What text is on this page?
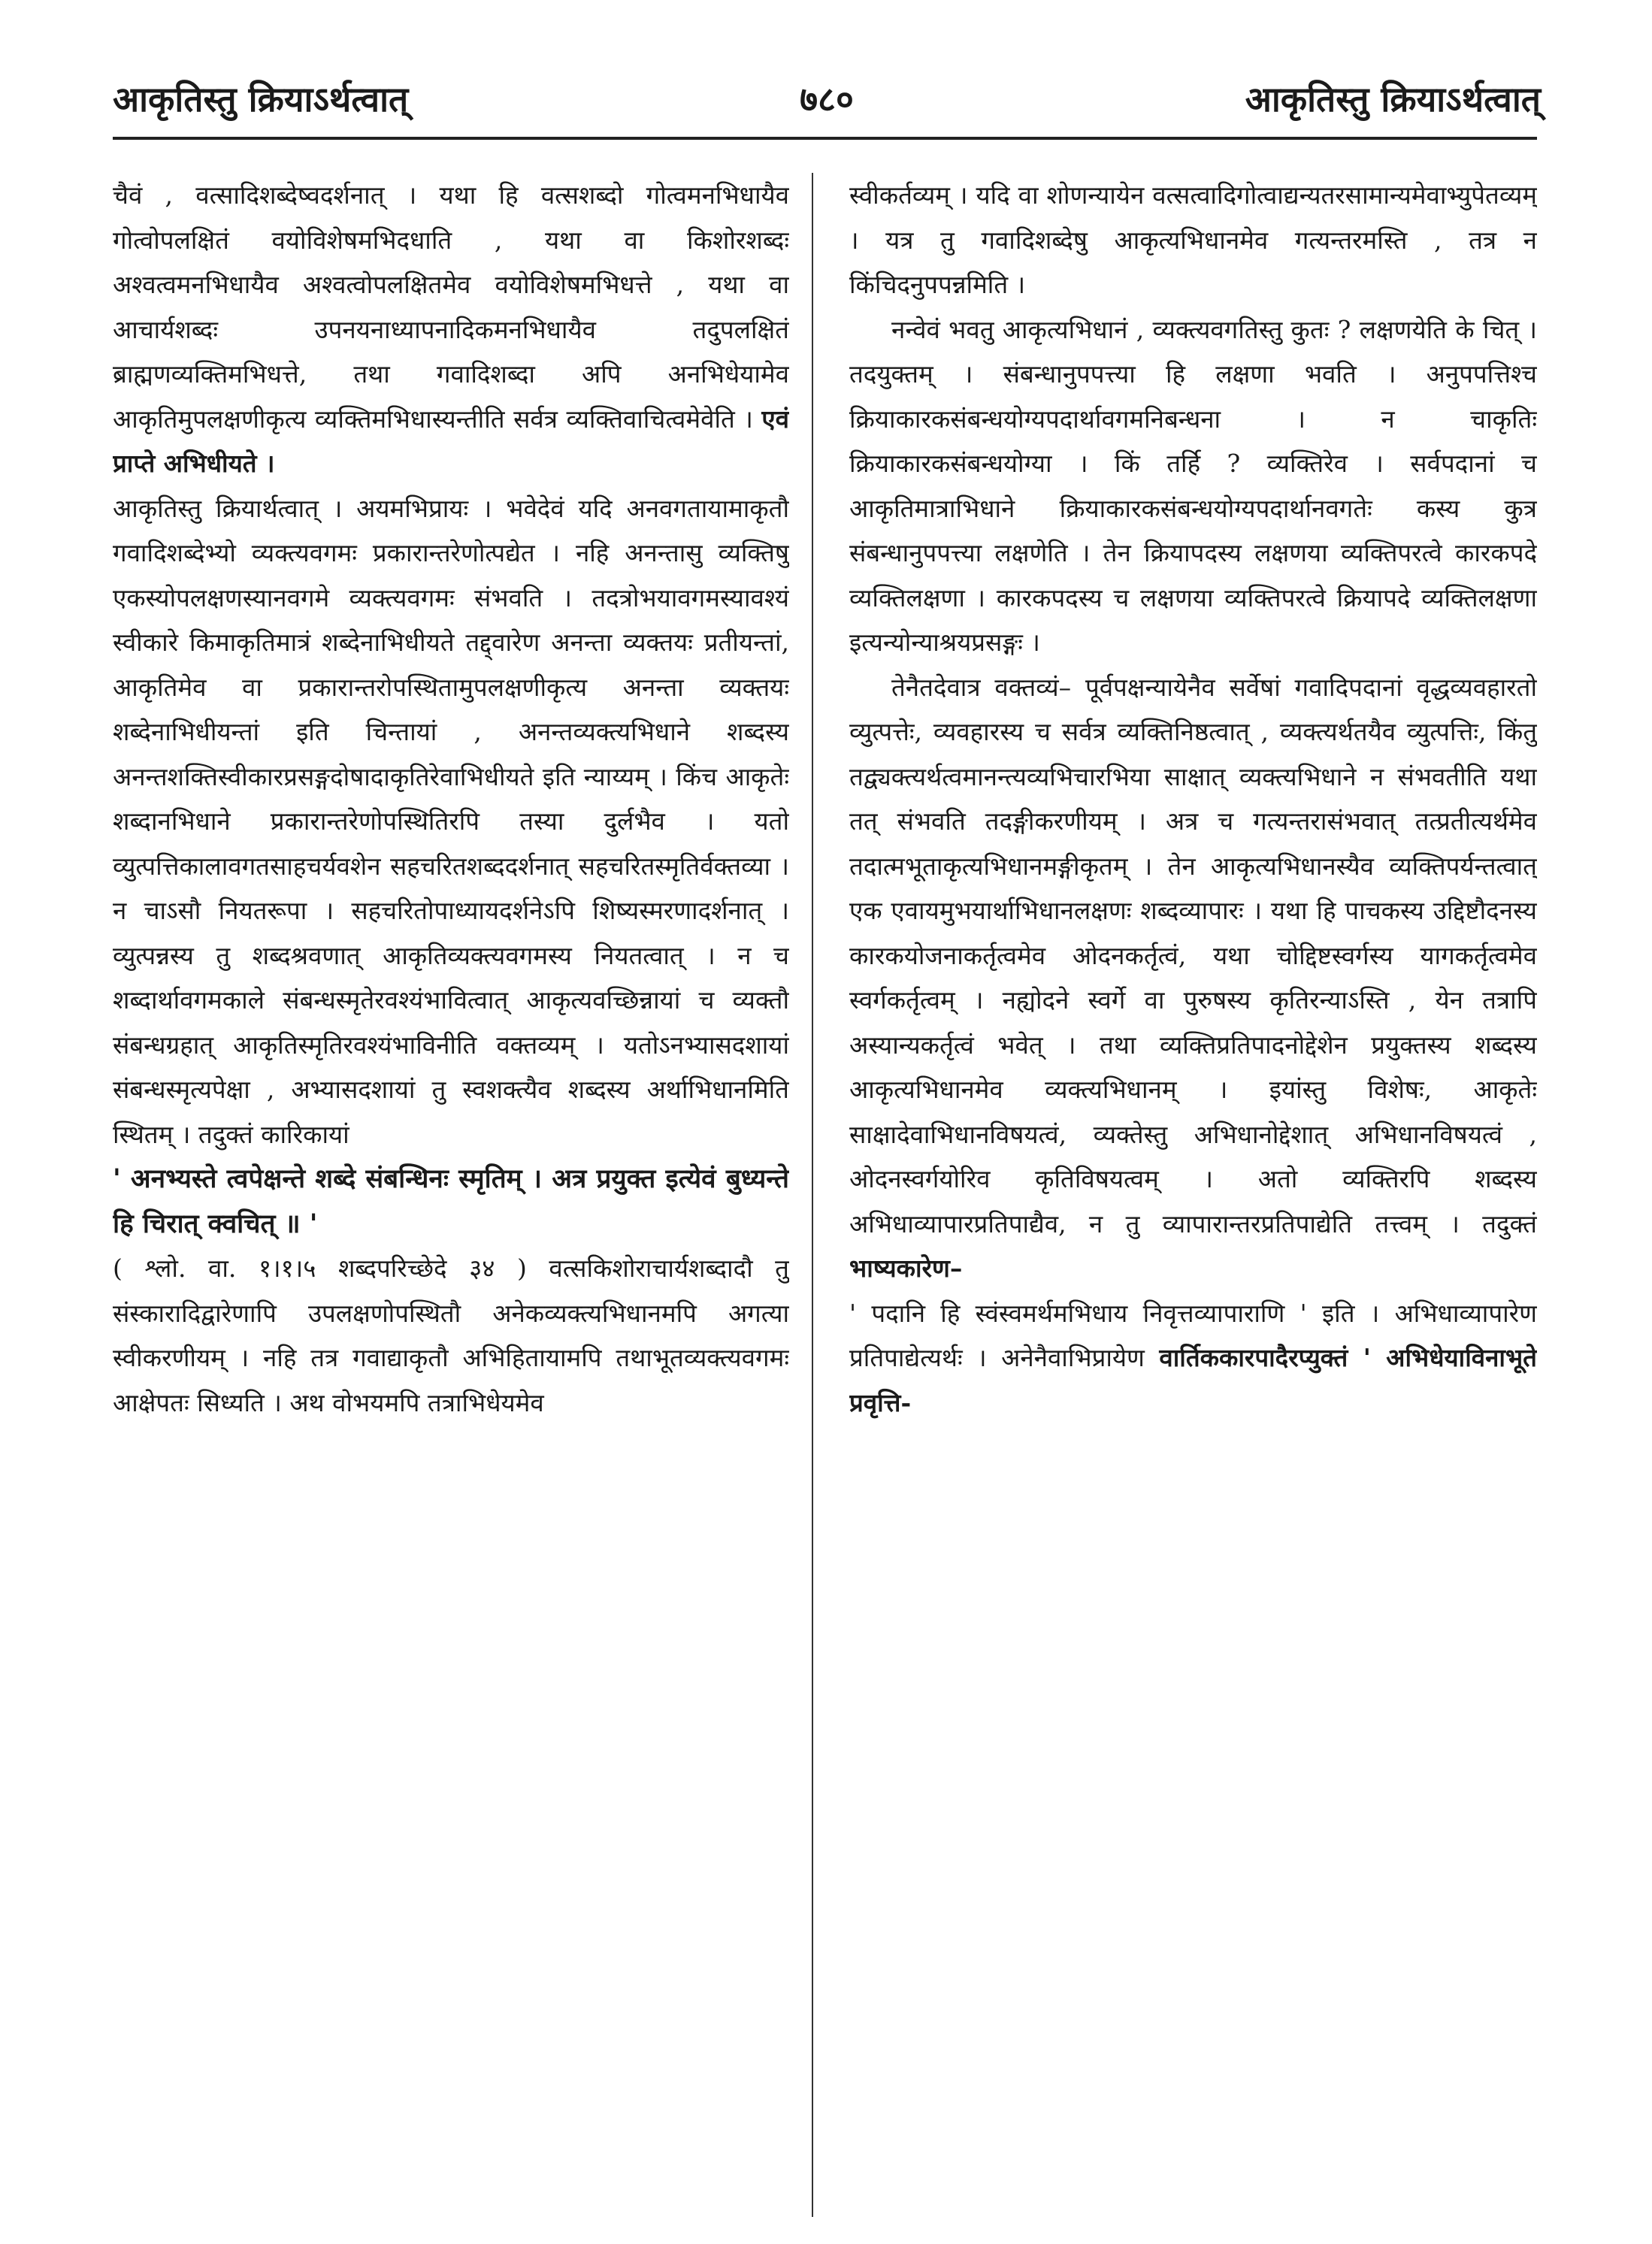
७८०
आकृतिस्तु क्रियाऽर्थत्वात्	आकृतिस्तु क्रियाऽर्थत्वात्

चैवं , वत्सादिशब्देष्वदर्शनात् । यथा हि वत्सशब्दो गोत्वमनभिधायैव गोत्वोपलक्षितं वयोविशेषमभिदधाति , यथा वा किशोरशब्दः अश्वत्वमनभिधायैव अश्वत्वोपलक्षितमेव वयोविशेषमभिधत्ते , यथा वा आचार्यशब्दः उपनयनाध्यापनादिकमनभिधायैव तदुपलक्षितं ब्राह्मणव्यक्तिमभिधत्ते, तथा गवादिशब्दा अपि अनभिधेयामेव आकृतिमुपलक्षणीकृत्य व्यक्तिमभिधास्यन्तीति सर्वत्र व्यक्तिवाचित्वमेवेति । एवं प्राप्ते अभिधीयते ।

आकृतिस्तु क्रियार्थत्वात् । अयमभिप्रायः । भवेदेवं यदि अनवगतायामाकृतौ गवादिशब्देभ्यो व्यक्त्यवगमः प्रकारान्तरेणोत्पद्येत । नहि अनन्तासु व्यक्तिषु एकस्योपलक्षणस्यानवगमे व्यक्त्यवगमः संभवति । तदत्रोभयावगमस्यावश्यं स्वीकारे किमाकृतिमात्रं शब्देनाभिधीयते तद्द्वारेण अनन्ता व्यक्तयः प्रतीयन्तां, आकृतिमेव वा प्रकारान्तरोपस्थितामुपलक्षणीकृत्य अनन्ता व्यक्तयः शब्देनाभिधीयन्तां इति चिन्तायां , अनन्तव्यक्त्यभिधाने शब्दस्य अनन्तशक्तिस्वीकारप्रसङ्गदोषादाकृतिरेवाभिधीयते इति न्याय्यम् । किंच आकृतेः शब्दानभिधाने प्रकारान्तरेणोपस्थितिरपि तस्या दुर्लभैव । यतो व्युत्पत्तिकालावगतसाहचर्यवशेन सहचरितशब्ददर्शनात् सहचरितस्मृतिर्वक्तव्या । न चाऽसौ नियतरूपा । सहचरितोपाध्यायदर्शनेऽपि शिष्यस्मरणादर्शनात् । व्युत्पन्नस्य तु शब्दश्रवणात् आकृतिव्यक्त्यवगमस्य नियतत्वात् । न च शब्दार्थावगमकाले संबन्धस्मृतेरवश्यंभावित्वात् आकृत्यवच्छिन्नायां च व्यक्तौ संबन्धग्रहात् आकृतिस्मृतिरवश्यंभाविनीति वक्तव्यम् । यतोऽनभ्यासदशायां संबन्धस्मृत्यपेक्षा , अभ्यासदशायां तु स्वशक्त्यैव शब्दस्य अर्थाभिधानमिति स्थितम् । तदुक्तं कारिकायां

' अनभ्यस्ते त्वपेक्षन्ते शब्दे संबन्धिनः स्मृतिम् । अत्र प्रयुक्त इत्येवं बुध्यन्ते हि चिरात् क्वचित् ॥ '

( श्लो. वा. १।१।५ शब्दपरिच्छेदे ३४ ) वत्सकिशोराचार्यशब्दादौ तु संस्कारादिद्वारेणापि उपलक्षणोपस्थितौ अनेकव्यक्त्यभिधानमपि अगत्या स्वीकरणीयम् । नहि तत्र गवाद्याकृतौ अभिहितायामपि तथाभूतव्यक्त्यवगमः आक्षेपतः सिध्यति । अथ वोभयमपि तत्राभिधेयमेव

स्वीकर्तव्यम् । यदि वा शोणन्यायेन वत्सत्वादिगोत्वाद्यन्यतरसामान्यमेवाभ्युपेतव्यम् । यत्र तु गवादिशब्देषु आकृत्यभिधानमेव गत्यन्तरमस्ति , तत्र न किंचिदनुपपन्नमिति ।

नन्वेवं भवतु आकृत्यभिधानं , व्यक्त्यवगतिस्तु कुतः ? लक्षणयेति के चित् । तदयुक्तम् । संबन्धानुपपत्त्या हि लक्षणा भवति । अनुपपत्तिश्च क्रियाकारकसंबन्धयोग्यपदार्थावगमनिबन्धना । न चाकृतिः क्रियाकारकसंबन्धयोग्या । किं तर्हि ? व्यक्तिरेव । सर्वपदानां च आकृतिमात्राभिधाने क्रियाकारकसंबन्धयोग्यपदार्थानवगतेः कस्य कुत्र संबन्धानुपपत्त्या लक्षणेति । तेन क्रियापदस्य लक्षणया व्यक्तिपरत्वे कारकपदे व्यक्तिलक्षणा । कारकपदस्य च लक्षणया व्यक्तिपरत्वे क्रियापदे व्यक्तिलक्षणा इत्यन्योन्याश्रयप्रसङ्गः ।

तेनैतदेवात्र वक्तव्यं– पूर्वपक्षन्यायेनैव सर्वेषां गवादिपदानां वृद्धव्यवहारतो व्युत्पत्तेः, व्यवहारस्य च सर्वत्र व्यक्तिनिष्ठत्वात् , व्यक्त्यर्थतयैव व्युत्पत्तिः, किंतु तद्व्यक्त्यर्थत्वमानन्त्यव्यभिचारभिया साक्षात् व्यक्त्यभिधाने न संभवतीति यथा तत् संभवति तदङ्गीकरणीयम् । अत्र च गत्यन्तरासंभवात् तत्प्रतीत्यर्थमेव तदात्मभूताकृत्यभिधानमङ्गीकृतम् । तेन आकृत्यभिधानस्यैव व्यक्तिपर्यन्तत्वात् एक एवायमुभयार्थाभिधानलक्षणः शब्दव्यापारः । यथा हि पाचकस्य उद्दिष्टौदनस्य कारकयोजनाकर्तृत्वमेव ओदनकर्तृत्वं, यथा चोद्दिष्टस्वर्गस्य यागकर्तृत्वमेव स्वर्गकर्तृत्वम् । नह्योदने स्वर्गे वा पुरुषस्य कृतिरन्याऽस्ति , येन तत्रापि अस्यान्यकर्तृत्वं भवेत् । तथा व्यक्तिप्रतिपादनोद्देशेन प्रयुक्तस्य शब्दस्य आकृत्यभिधानमेव व्यक्त्यभिधानम् । इयांस्तु विशेषः, आकृतेः साक्षादेवाभिधानविषयत्वं, व्यक्तेस्तु अभिधानोद्देशात् अभिधानविषयत्वं , ओदनस्वर्गयोरिव कृतिविषयत्वम् । अतो व्यक्तिरपि शब्दस्य अभिधाव्यापारप्रतिपाद्यैव, न तु व्यापारान्तरप्रतिपाद्येति तत्त्वम् । तदुक्तं भाष्यकारेण–

' पदानि हि स्वंस्वमर्थमभिधाय निवृत्तव्यापाराणि ' इति । अभिधाव्यापारेण प्रतिपाद्येत्यर्थः । अनेनैवाभिप्रायेण वार्तिककारपादैरप्युक्तं ' अभिधेयाविनाभूते प्रवृत्ति-
